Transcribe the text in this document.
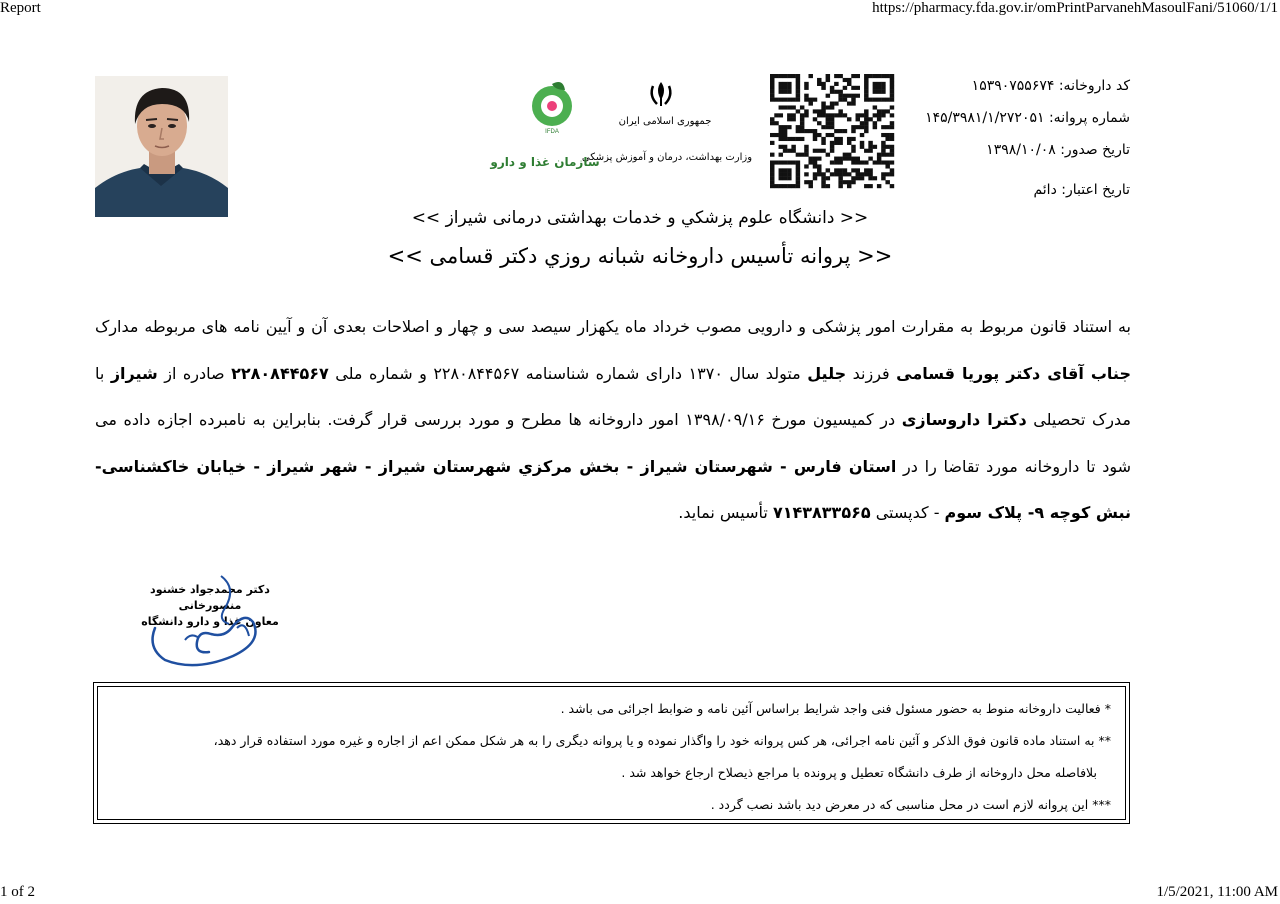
Report	https://pharmacy.fda.gov.ir/omPrintParvanehMasoulFani/51060/1/1
IFDA
جمهوری اسلامی ایران
وزارت بهداشت، درمان و آموزش پزشکی
سازمان غذا و دارو
کد داروخانه: ۱۵۳۹۰۷۵۵۶۷۴
شماره پروانه: ۱۴۵/۳۹۸۱/۱/۲۷۲۰۵۱
تاریخ صدور: ۱۳۹۸/۱۰/۰۸
تاریخ اعتبار: دائم
<< دانشگاه علوم پزشكي و خدمات بهداشتی درمانی شيراز >>
<< پروانه تأسيس داروخانه شبانه روزي دكتر قسامی >>
به استناد قانون مربوط به مقرارت امور پزشکی و دارویی مصوب خرداد ماه یکهزار سیصد سی و چهار و اصلاحات بعدی آن و آیین نامه های مربوطه مدارک جناب آقای دکتر پوريا قسامی فرزند جلیل متولد سال ۱۳۷۰ دارای شماره شناسنامه ۲۲۸۰۸۴۴۵۶۷ و شماره ملی ۲۲۸۰۸۴۴۵۶۷ صادره از شيراز با مدرک تحصیلی دکترا داروسازی در کمیسیون مورخ ۱۳۹۸/۰۹/۱۶ امور داروخانه ها مطرح و مورد بررسی قرار گرفت. بنابراین به نامبرده اجازه داده می شود تا داروخانه مورد تقاضا را در استان فارس - شهرستان شيراز - بخش مرکزي شهرستان شيراز - شهر شيراز - خیابان خاکشناسی- نبش کوچه ۹- پلاک سوم - کدپستی ۷۱۴۳۸۳۳۵۶۵ تأسیس نماید.
دکتر محمدجواد خشنود منصورخانی
معاون غذا و دارو دانشگاه
* فعالیت داروخانه منوط به حضور مسئول فنی واجد شرایط براساس آئین نامه و ضوابط اجرائی می باشد .
** به استناد ماده قانون فوق الذکر و آئین نامه اجرائی، هر کس پروانه خود را واگذار نموده و یا پروانه دیگری را به هر شکل ممکن اعم از اجاره و غیره مورد استفاده قرار دهد،
بلافاصله محل داروخانه از طرف دانشگاه تعطیل و پرونده با مراجع ذیصلاح ارجاع خواهد شد .
*** این پروانه لازم است در محل مناسبی که در معرض دید باشد نصب گردد .
1 of 2	1/5/2021, 11:00 AM
